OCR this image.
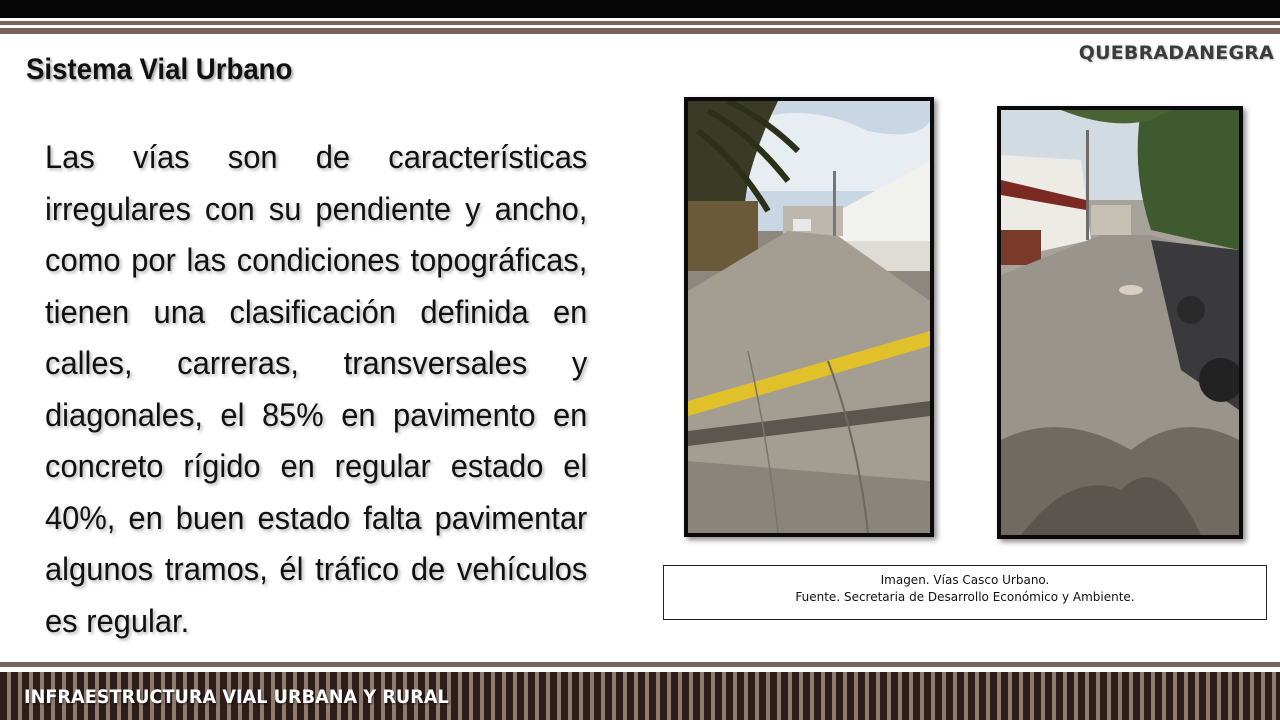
QUEBRADANEGRA
Sistema Vial Urbano

Las vías son de características irregulares con su pendiente y ancho, como por las condiciones topográficas, tienen una clasificación definida en calles, carreras, transversales y diagonales, el 85% en pavimento en concreto rígido en regular estado el 40%, en buen estado falta pavimentar algunos tramos, él tráfico de vehículos es regular.

Imagen. Vías Casco Urbano.
Fuente. Secretaria de Desarrollo Económico y Ambiente.
INFRAESTRUCTURA VIAL URBANA Y RURAL
